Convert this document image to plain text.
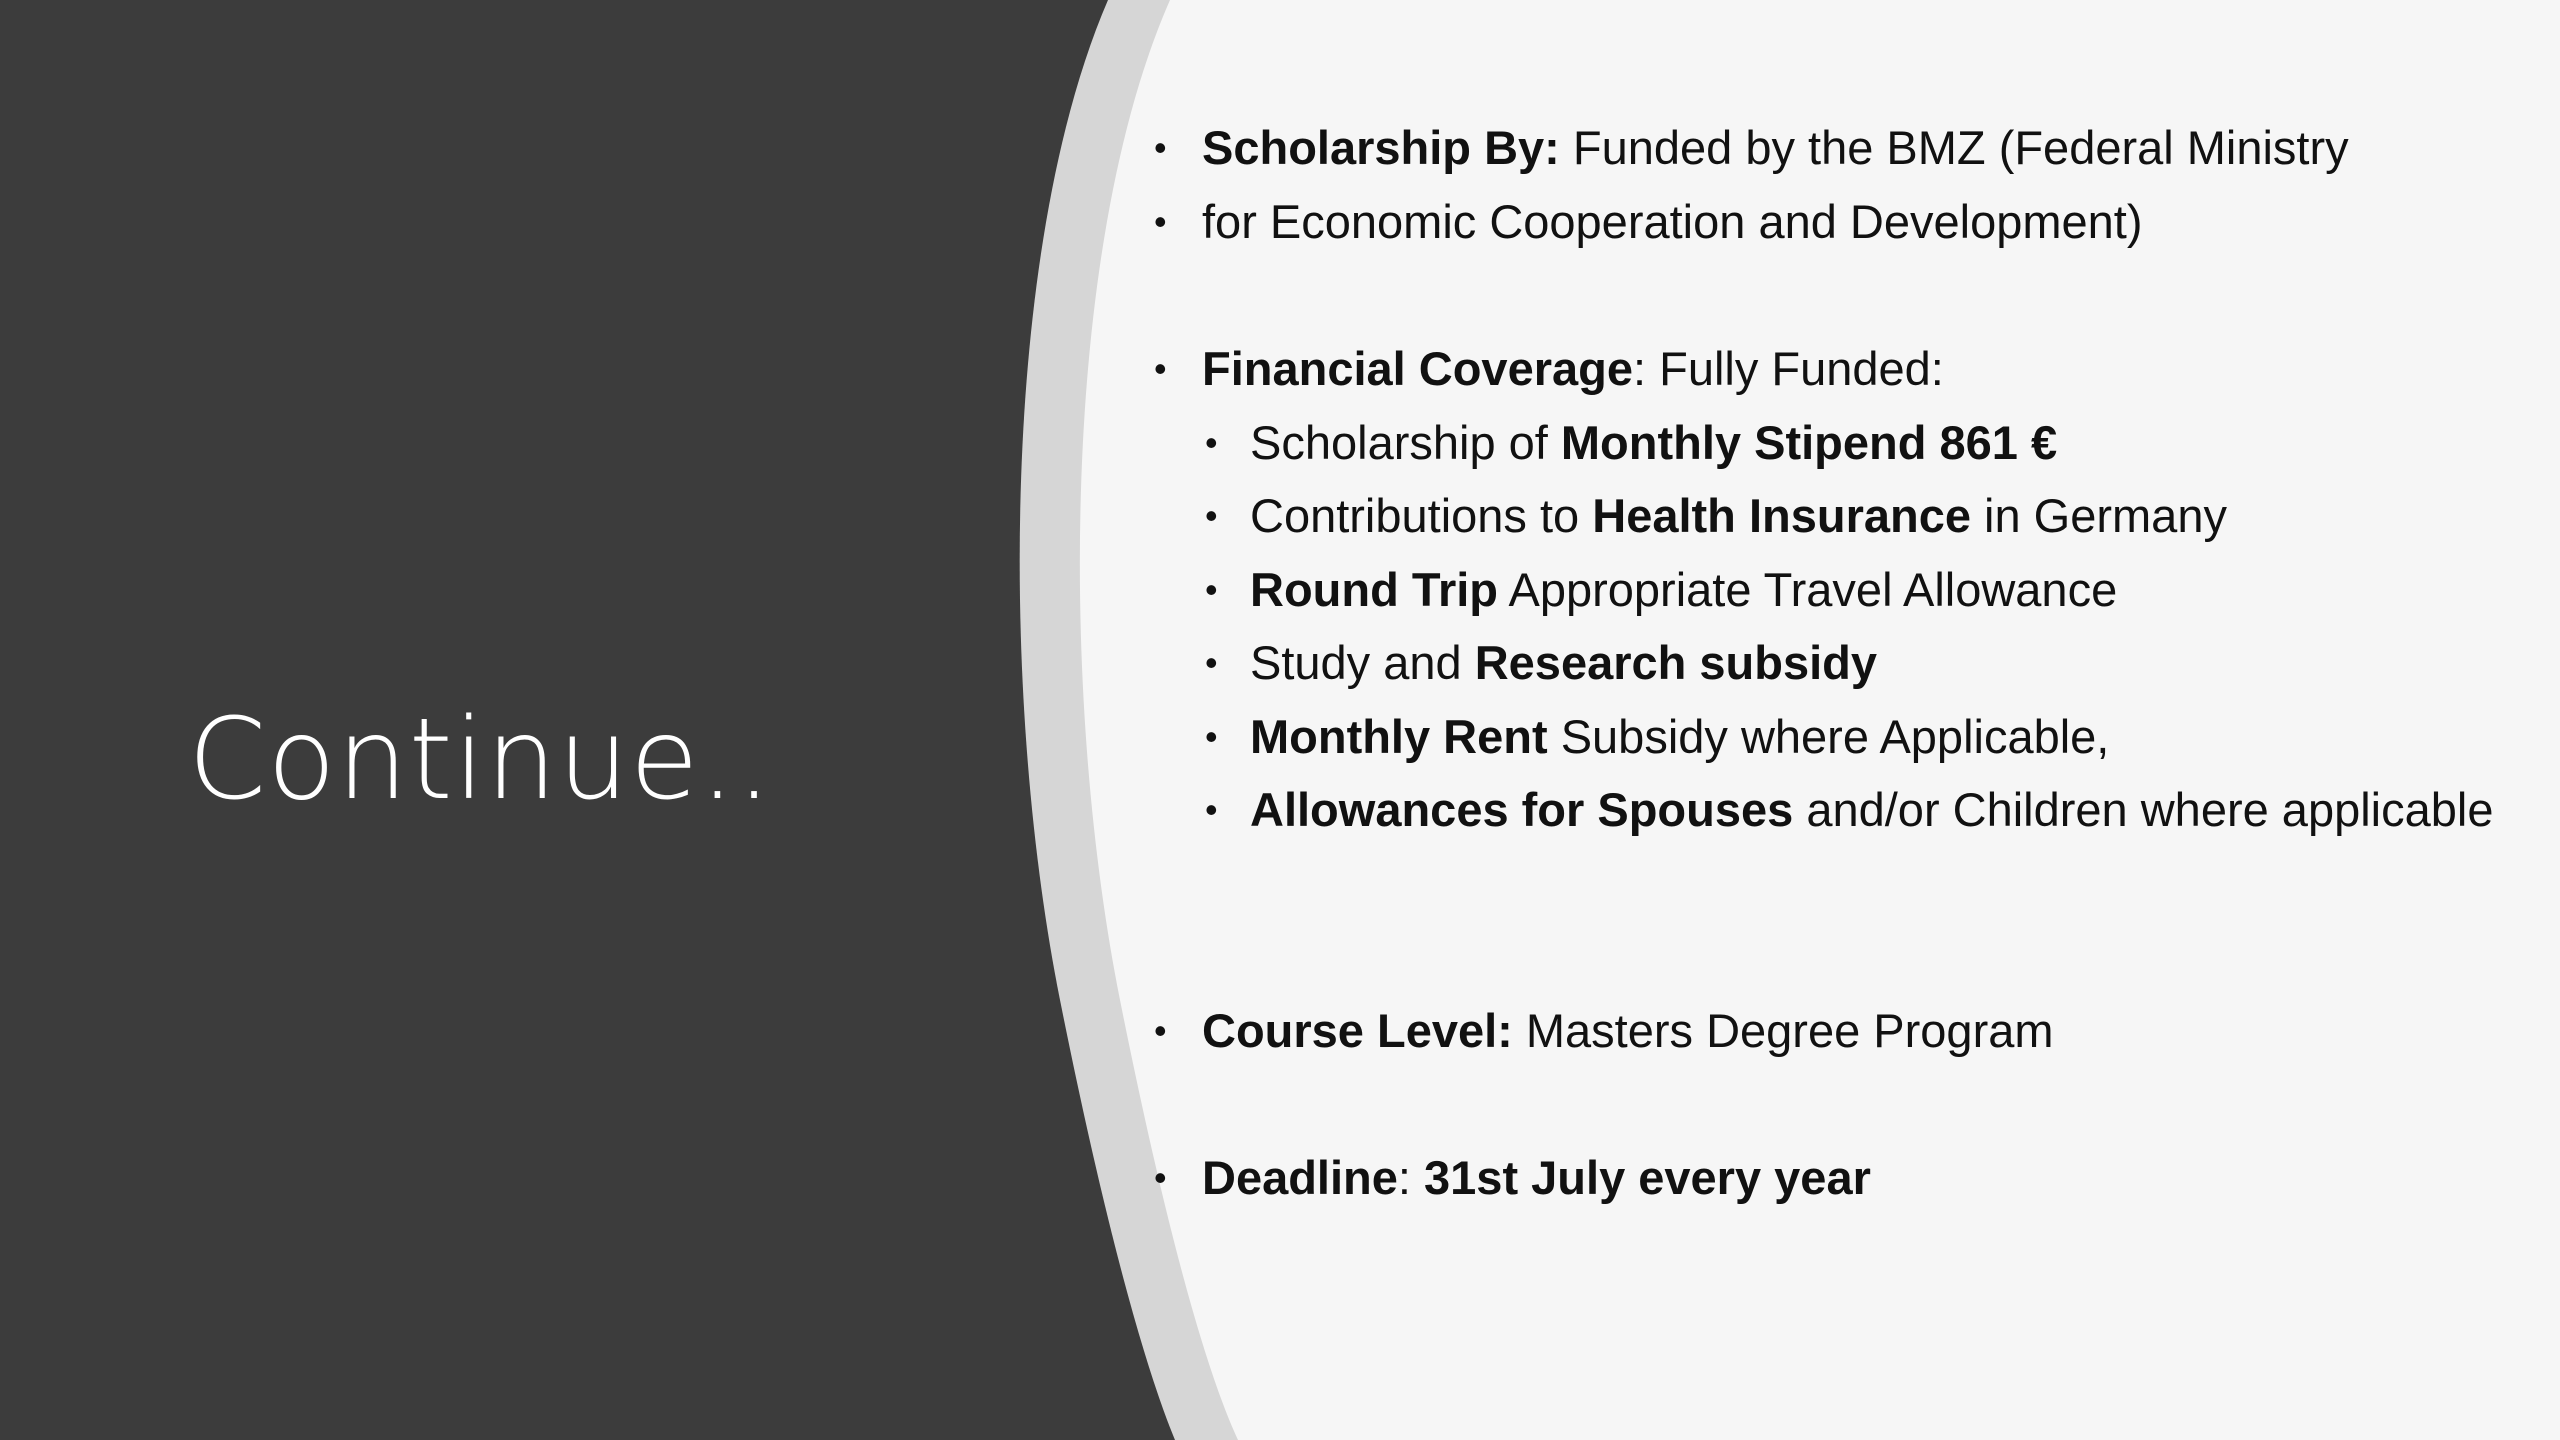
Continue..
• Scholarship By: Funded by the BMZ (Federal Ministry
• for Economic Cooperation and Development)
• Financial Coverage: Fully Funded:
• Scholarship of Monthly Stipend 861 €
• Contributions to Health Insurance in Germany
• Round Trip Appropriate Travel Allowance
• Study and Research subsidy
• Monthly Rent Subsidy where Applicable,
• Allowances for Spouses and/or Children where applicable
• Course Level: Masters Degree Program
• Deadline: 31st July every year
